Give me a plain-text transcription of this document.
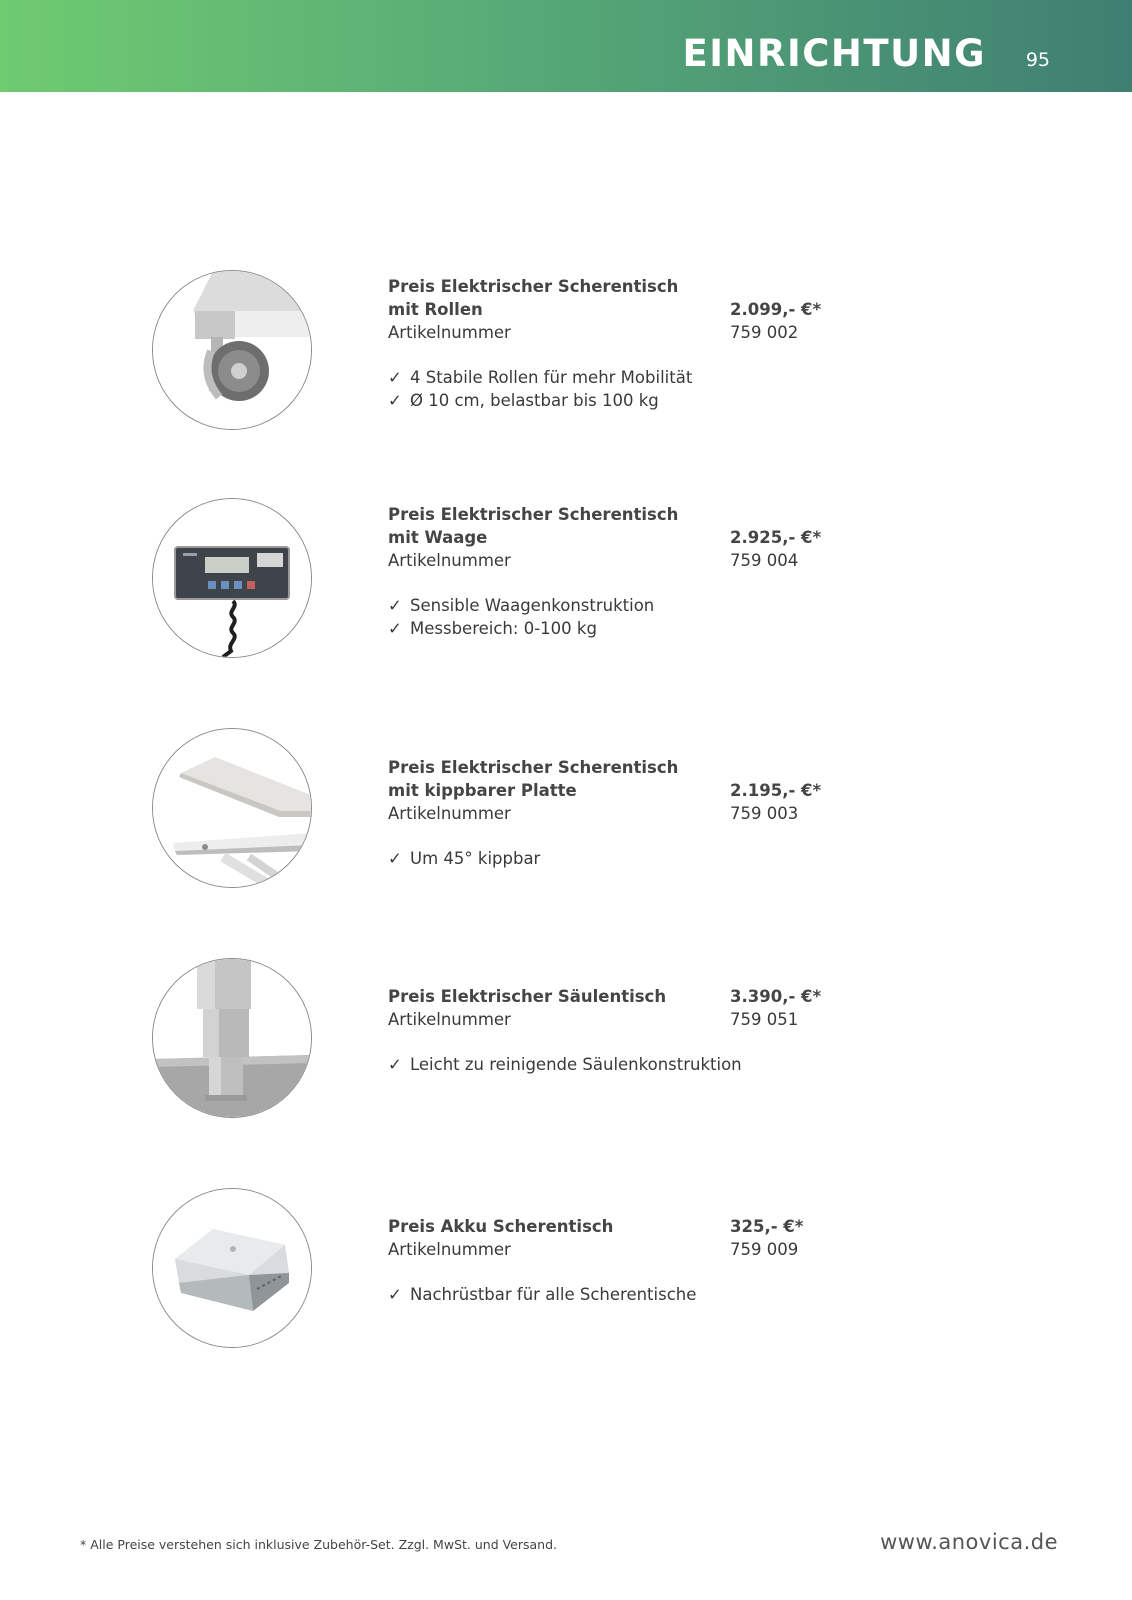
EINRICHTUNG 95
Preis Elektrischer Scherentisch
mit Rollen	2.099,- €*
Artikelnummer	759 002
✓ 4 Stabile Rollen für mehr Mobilität
✓ Ø 10 cm, belastbar bis 100 kg
Preis Elektrischer Scherentisch
mit Waage	2.925,- €*
Artikelnummer	759 004
✓ Sensible Waagenkonstruktion
✓ Messbereich: 0-100 kg
Preis Elektrischer Scherentisch
mit kippbarer Platte	2.195,- €*
Artikelnummer	759 003
✓ Um 45° kippbar
Preis Elektrischer Säulentisch	3.390,- €*
Artikelnummer	759 051
✓ Leicht zu reinigende Säulenkonstruktion
Preis Akku Scherentisch	325,- €*
Artikelnummer	759 009
✓ Nachrüstbar für alle Scherentische
* Alle Preise verstehen sich inklusive Zubehör-Set. Zzgl. MwSt. und Versand.	www.anovica.de
